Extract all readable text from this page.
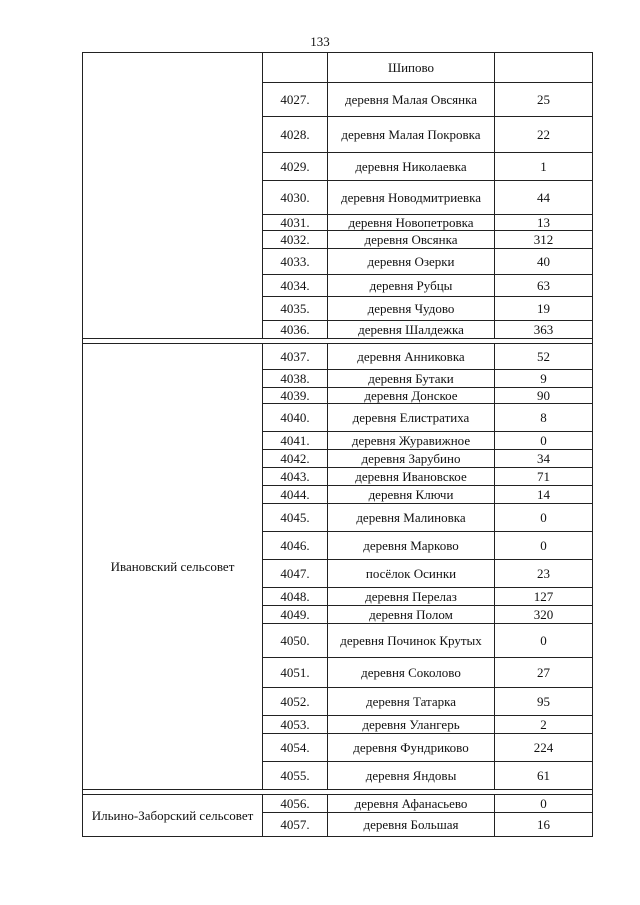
133
		Шипово	
	4027.	деревня Малая Овсянка	25
	4028.	деревня Малая Покровка	22
	4029.	деревня Николаевка	1
	4030.	деревня Новодмитриевка	44
	4031.	деревня Новопетровка	13
	4032.	деревня Овсянка	312
	4033.	деревня Озерки	40
	4034.	деревня Рубцы	63
	4035.	деревня Чудово	19
	4036.	деревня Шалдежка	363

Ивановский сельсовет	4037.	деревня Анниковка	52
	4038.	деревня Бутаки	9
	4039.	деревня Донское	90
	4040.	деревня Елистратиха	8
	4041.	деревня Журавижное	0
	4042.	деревня Зарубино	34
	4043.	деревня Ивановское	71
	4044.	деревня Ключи	14
	4045.	деревня Малиновка	0
	4046.	деревня Марково	0
	4047.	посёлок Осинки	23
	4048.	деревня Перелаз	127
	4049.	деревня Полом	320
	4050.	деревня Починок Крутых	0
	4051.	деревня Соколово	27
	4052.	деревня Татарка	95
	4053.	деревня Улангерь	2
	4054.	деревня Фундриково	224
	4055.	деревня Яндовы	61

Ильино-Заборский сельсовет	4056.	деревня Афанасьево	0
	4057.	деревня Большая	16
